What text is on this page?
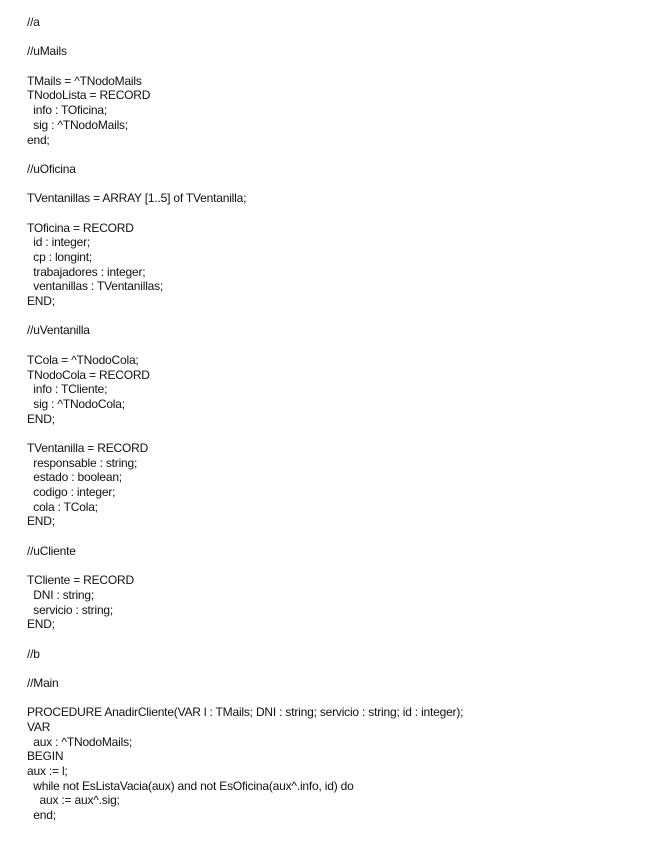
//a
//uMails
TMails = ^TNodoMails
TNodoLista = RECORD
info : TOficina;
sig : ^TNodoMails;
end;
//uOficina
TVentanillas = ARRAY [1..5] of TVentanilla;
TOficina = RECORD
id : integer;
cp : longint;
trabajadores : integer;
ventanillas : TVentanillas;
END;
//uVentanilla
TCola = ^TNodoCola;
TNodoCola = RECORD
info : TCliente;
sig : ^TNodoCola;
END;
TVentanilla = RECORD
responsable : string;
estado : boolean;
codigo : integer;
cola : TCola;
END;
//uCliente
TCliente = RECORD
DNI : string;
servicio : string;
END;
//b
//Main
PROCEDURE AnadirCliente(VAR l : TMails; DNI : string; servicio : string; id : integer);
VAR
aux : ^TNodoMails;
BEGIN
aux := l;
while not EsListaVacia(aux) and not EsOficina(aux^.info, id) do
aux := aux^.sig;
end;
